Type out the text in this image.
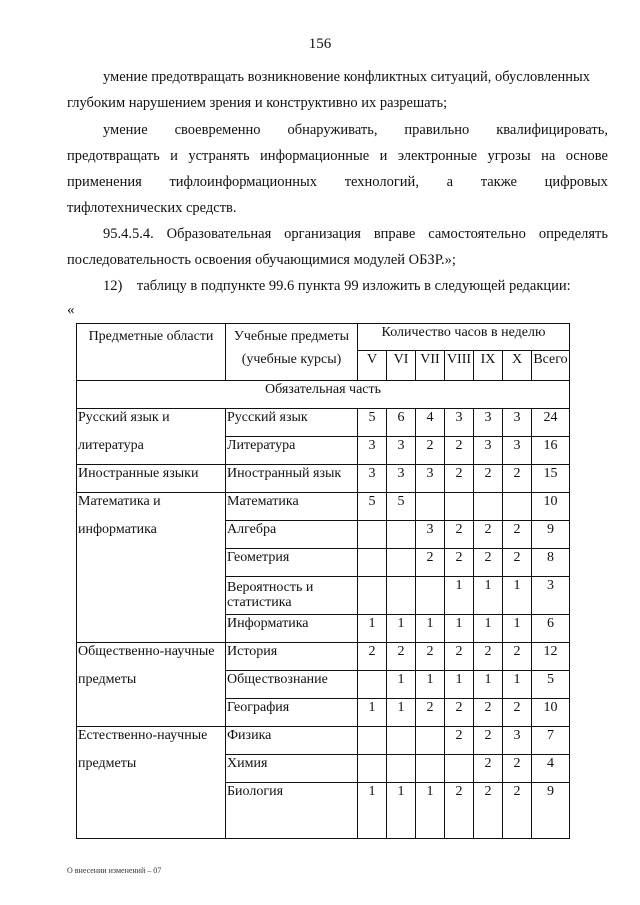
156
умение предотвращать возникновение конфликтных ситуаций, обусловленных
глубоким нарушением зрения и конструктивно их разрешать;
умение своевременно обнаруживать, правильно квалифицировать,
предотвращать и устранять информационные и электронные угрозы на основе
применения тифлоинформационных технологий, а также цифровых
тифлотехнических средств.
95.4.5.4. Образовательная организация вправе самостоятельно определять
последовательность освоения обучающимися модулей ОБЗР.»;
12)    таблицу в подпункте 99.6 пункта 99 изложить в следующей редакции:
«
Предметные области	Учебные предметы	Количество часов в неделю						
	(учебные курсы)	V	VI	VII	VIII	IX	X	Всего
Обязательная часть								

Русский язык и
литература	Русский язык	5	6	4	3	3	3	24
	Литература	3	3	2	2	3	3	16
Иностранные языки	Иностранный язык	3	3	3	2	2	2	15

Математика и
информатика	Математика	5	5					10
	Алгебра			3	2	2	2	9
	Геометрия			2	2	2	2	8
	Вероятность и статистика				1	1	1	3
	Информатика	1	1	1	1	1	1	6

Общественно-научные
предметы	История	2	2	2	2	2	2	12
	Обществознание		1	1	1	1	1	5
	География	1	1	2	2	2	2	10

Естественно-научные
предметы	Физика				2	2	3	7
	Химия					2	2	4
	Биология	1	1	1	2	2	2	9
О внесении изменений – 07
